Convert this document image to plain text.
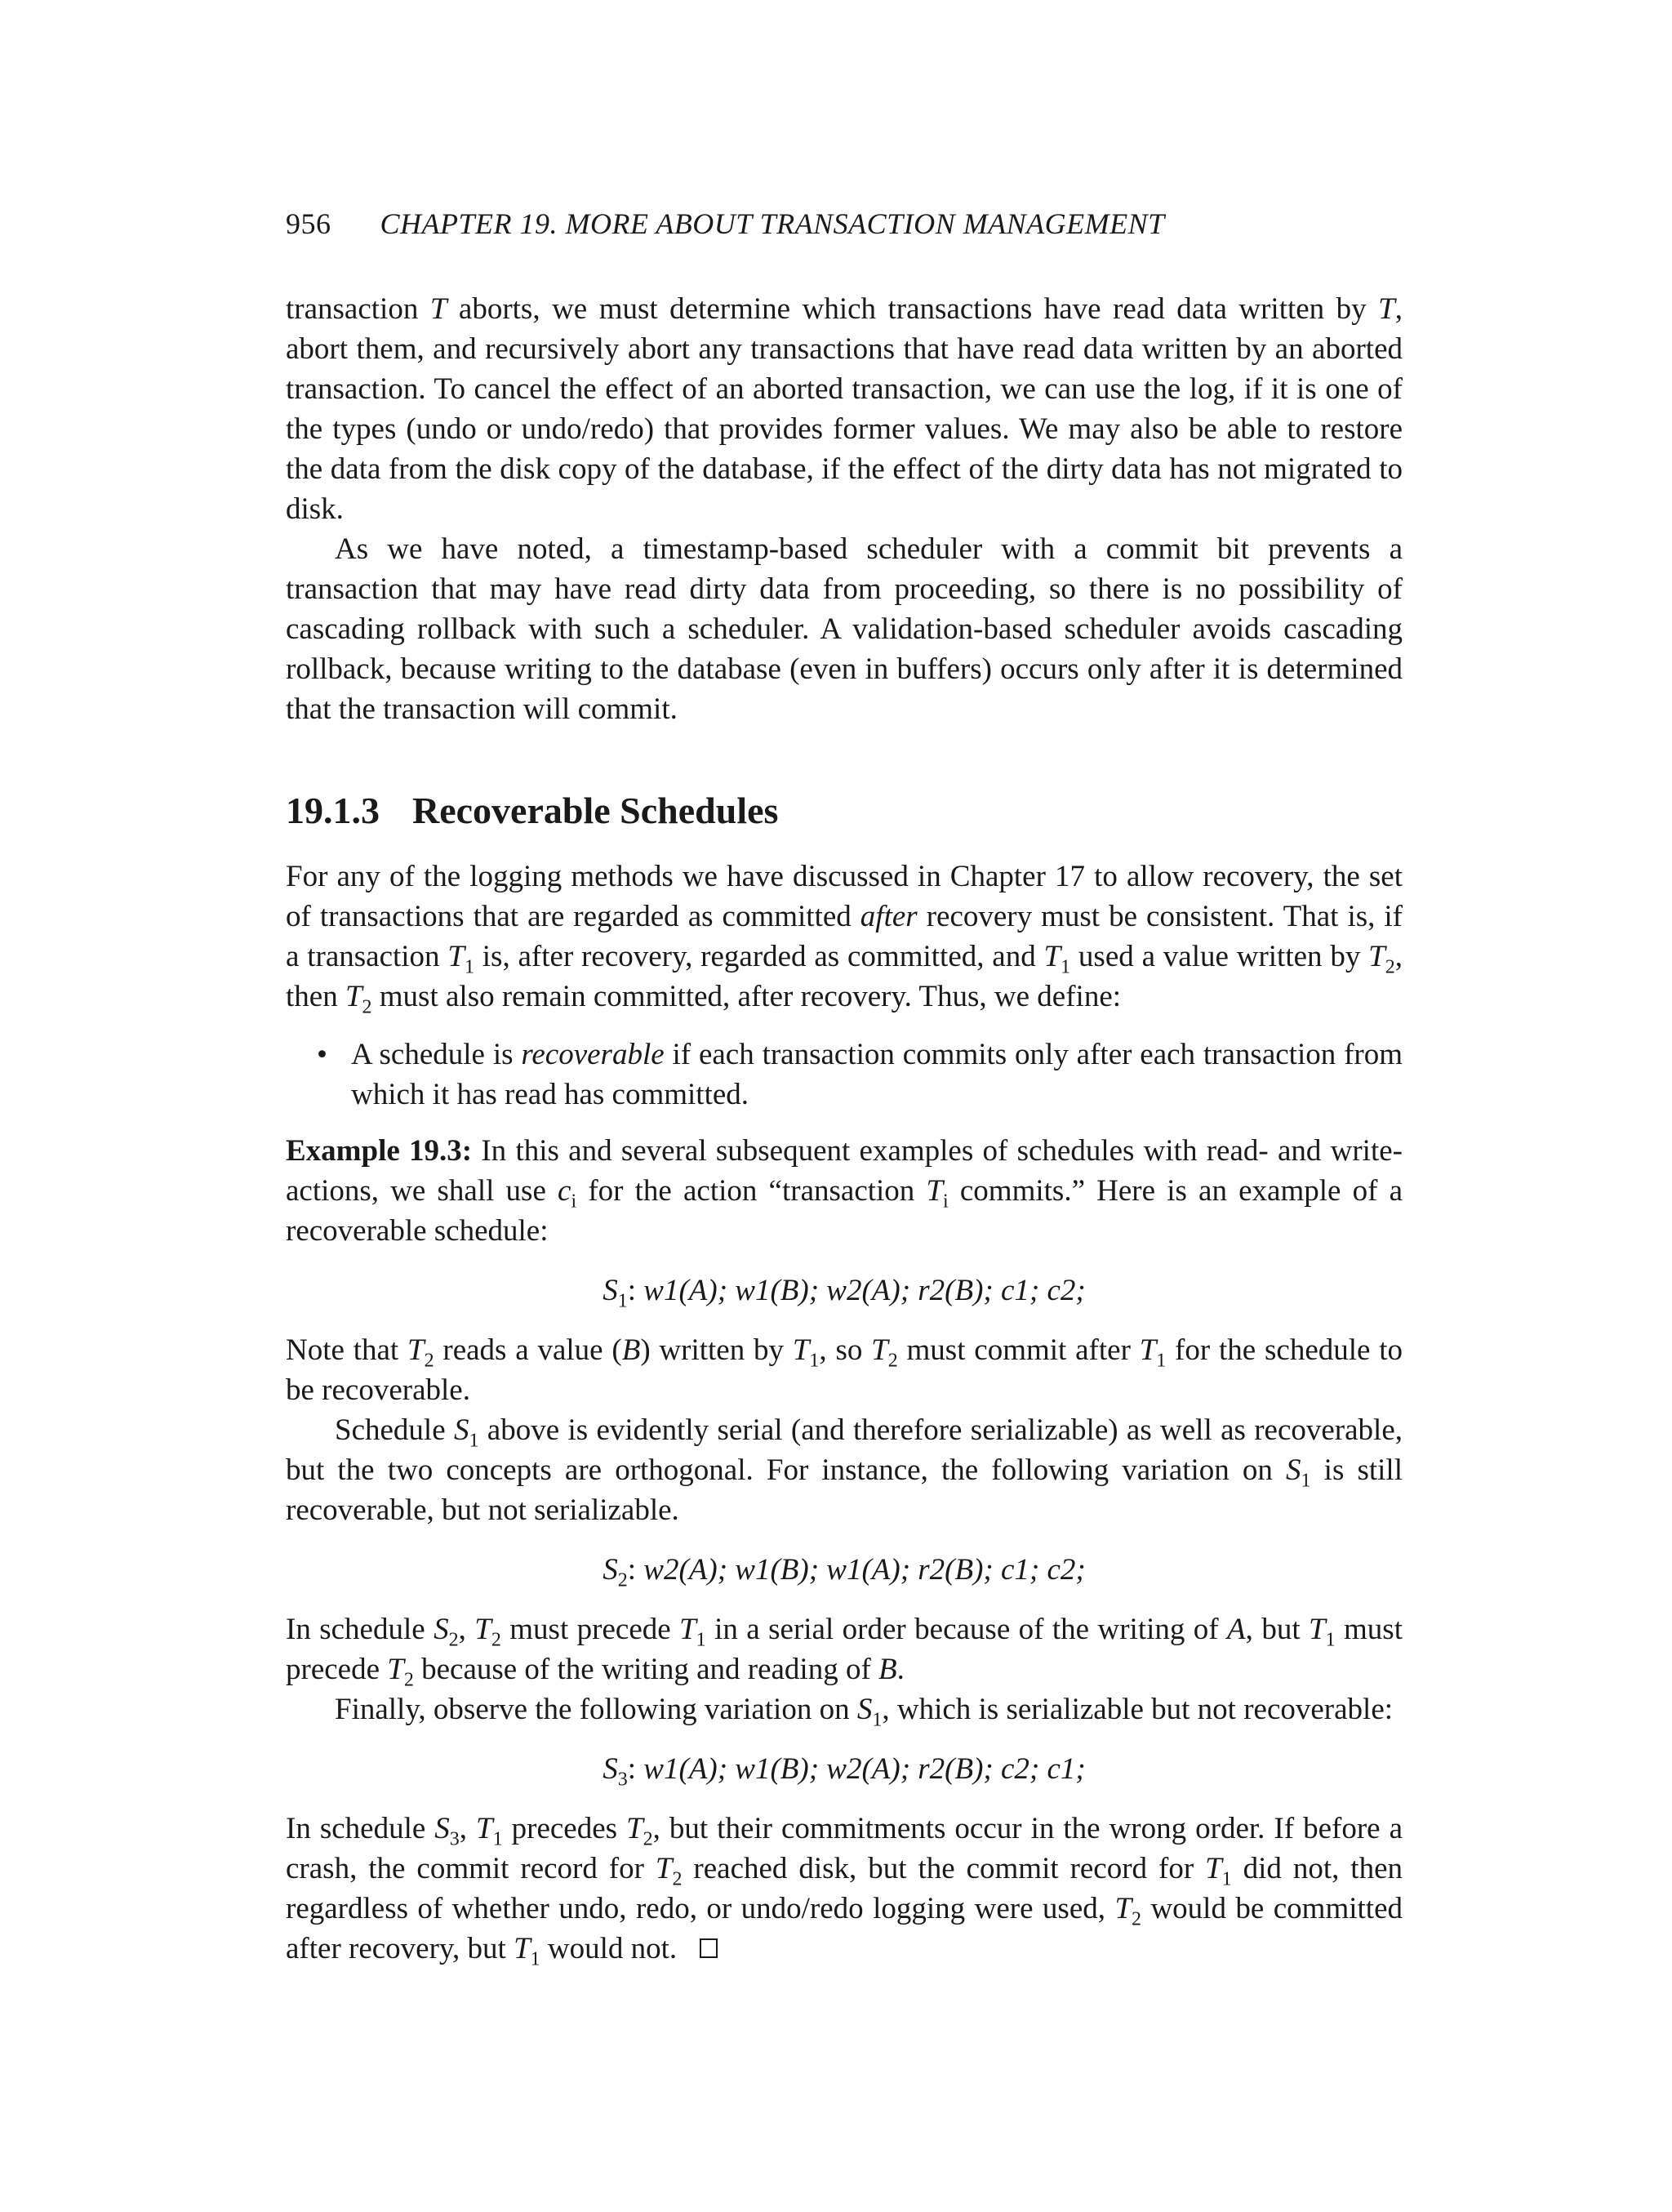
956 CHAPTER 19. MORE ABOUT TRANSACTION MANAGEMENT

transaction T aborts, we must determine which transactions have read data written by T, abort them, and recursively abort any transactions that have read data written by an aborted transaction. To cancel the effect of an aborted transaction, we can use the log, if it is one of the types (undo or undo/redo) that provides former values. We may also be able to restore the data from the disk copy of the database, if the effect of the dirty data has not migrated to disk.

As we have noted, a timestamp-based scheduler with a commit bit prevents a transaction that may have read dirty data from proceeding, so there is no possibility of cascading rollback with such a scheduler. A validation-based scheduler avoids cascading rollback, because writing to the database (even in buffers) occurs only after it is determined that the transaction will commit.

19.1.3 Recoverable Schedules

For any of the logging methods we have discussed in Chapter 17 to allow recovery, the set of transactions that are regarded as committed after recovery must be consistent. That is, if a transaction $T_1$ is, after recovery, regarded as committed, and $T_1$ used a value written by $T_2$, then $T_2$ must also remain committed, after recovery. Thus, we define:

• A schedule is recoverable if each transaction commits only after each transaction from which it has read has committed.

Example 19.3: In this and several subsequent examples of schedules with read- and write-actions, we shall use $c_i$ for the action “transaction $T_i$ commits.” Here is an example of a recoverable schedule:

$S_1$: w1(A); w1(B); w2(A); r2(B); c1; c2;

Note that $T_2$ reads a value (B) written by $T_1$, so $T_2$ must commit after $T_1$ for the schedule to be recoverable.

Schedule $S_1$ above is evidently serial (and therefore serializable) as well as recoverable, but the two concepts are orthogonal. For instance, the following variation on $S_1$ is still recoverable, but not serializable.

$S_2$: w2(A); w1(B); w1(A); r2(B); c1; c2;

In schedule $S_2$, $T_2$ must precede $T_1$ in a serial order because of the writing of A, but $T_1$ must precede $T_2$ because of the writing and reading of B.

Finally, observe the following variation on $S_1$, which is serializable but not recoverable:

$S_3$: w1(A); w1(B); w2(A); r2(B); c2; c1;

In schedule $S_3$, $T_1$ precedes $T_2$, but their commitments occur in the wrong order. If before a crash, the commit record for $T_2$ reached disk, but the commit record for $T_1$ did not, then regardless of whether undo, redo, or undo/redo logging were used, $T_2$ would be committed after recovery, but $T_1$ would not.
